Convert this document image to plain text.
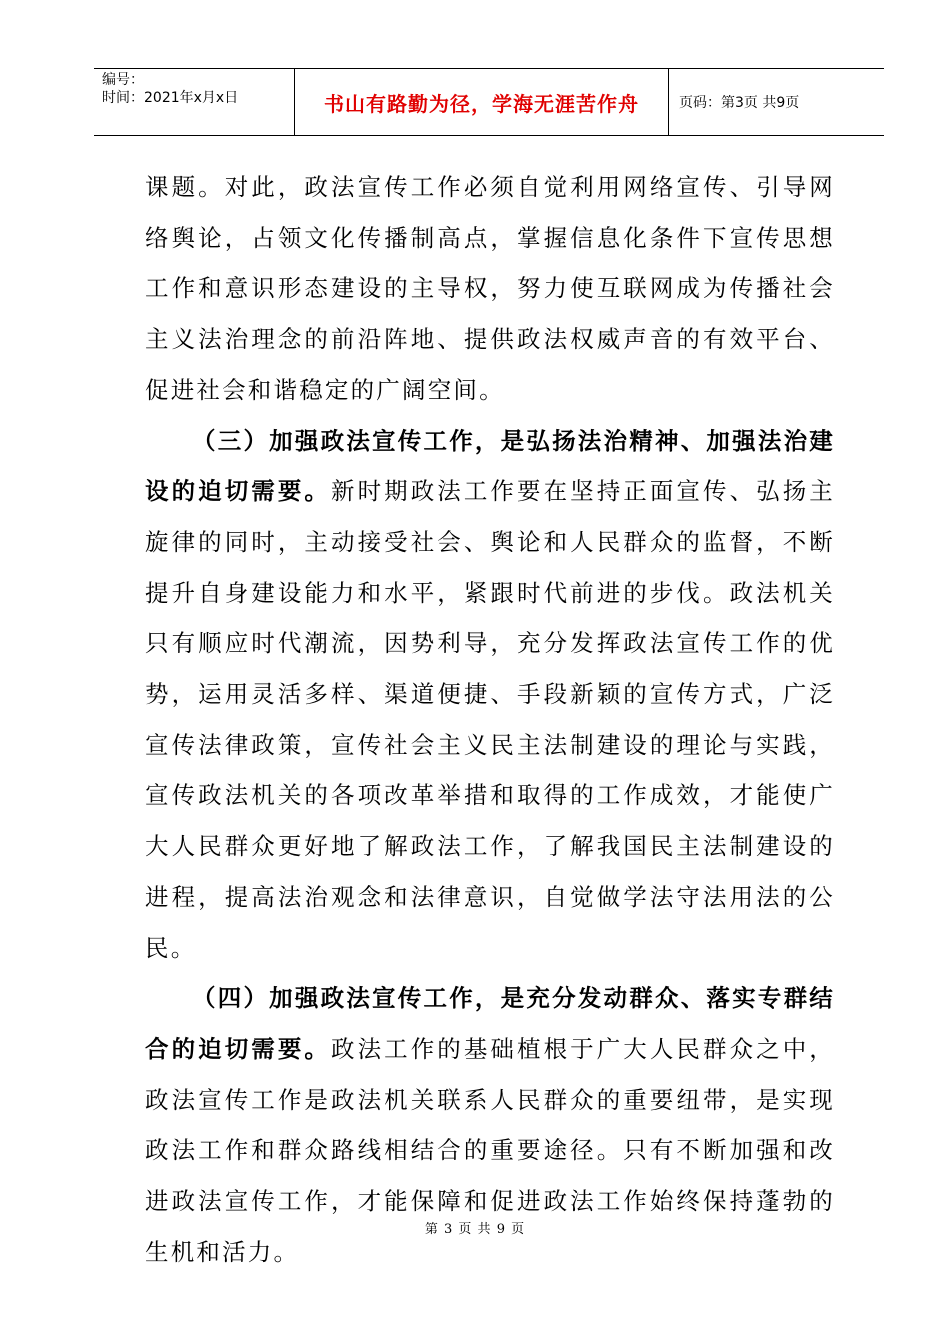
编号：
时间：2021年x月x日	书山有路勤为径，学海无涯苦作舟	页码：第3页 共9页

课题。对此，政法宣传工作必须自觉利用网络宣传、引导网络舆论，占领文化传播制高点，掌握信息化条件下宣传思想工作和意识形态建设的主导权，努力使互联网成为传播社会主义法治理念的前沿阵地、提供政法权威声音的有效平台、促进社会和谐稳定的广阔空间。

（三）加强政法宣传工作，是弘扬法治精神、加强法治建设的迫切需要。新时期政法工作要在坚持正面宣传、弘扬主旋律的同时，主动接受社会、舆论和人民群众的监督，不断提升自身建设能力和水平，紧跟时代前进的步伐。政法机关只有顺应时代潮流，因势利导，充分发挥政法宣传工作的优势，运用灵活多样、渠道便捷、手段新颖的宣传方式，广泛宣传法律政策，宣传社会主义民主法制建设的理论与实践，宣传政法机关的各项改革举措和取得的工作成效，才能使广大人民群众更好地了解政法工作，了解我国民主法制建设的进程，提高法治观念和法律意识，自觉做学法守法用法的公民。

（四）加强政法宣传工作，是充分发动群众、落实专群结合的迫切需要。政法工作的基础植根于广大人民群众之中，政法宣传工作是政法机关联系人民群众的重要纽带，是实现政法工作和群众路线相结合的重要途径。只有不断加强和改进政法宣传工作，才能保障和促进政法工作始终保持蓬勃的生机和活力。

第 3 页 共 9 页
